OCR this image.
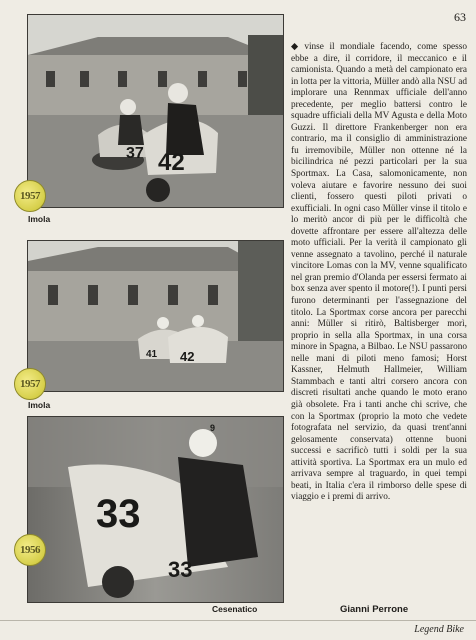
63
37 42
1957
Imola
41 42
1957
Imola
33
33
9
1956
Cesenatico
◆ vinse il mondiale facendo, come spesso ebbe a dire, il corridore, il meccanico e il camionista. Quando a metà del campionato era in lotta per la vittoria, Müller andò alla NSU ad implorare una Rennmax ufficiale dell'anno precedente, per meglio battersi contro le squadre ufficiali della MV Agusta e della Moto Guzzi. Il direttore Frankenberger non era contrario, ma il consiglio di amministrazione fu irremovibile, Müller non ottenne né la bicilindrica né pezzi particolari per la sua Sportmax. La Casa, salomonicamente, non voleva aiutare e favorire nessuno dei suoi clienti, fossero questi piloti privati o exufficiali. In ogni caso Müller vinse il titolo e lo meritò ancor di più per le difficoltà che dovette affrontare per essere all'altezza delle moto ufficiali. Per la verità il campionato gli venne assegnato a tavolino, perché il naturale vincitore Lomas con la MV, venne squalificato nel gran premio d'Olanda per essersi fermato ai box senza aver spento il motore(!). I punti persi furono determinanti per l'assegnazione del titolo. La Sportmax corse ancora per parecchi anni: Müller si ritirò, Baltisberger morì, proprio in sella alla Sportmax, in una corsa minore in Spagna, a Bilbao. Le NSU passarono nelle mani di piloti meno famosi; Horst Kassner, Helmuth Hallmeier, William Stammbach e tanti altri corsero ancora con discreti risultati anche quando le moto erano già obsolete. Fra i tanti anche chi scrive, che con la Sportmax (proprio la moto che vedete fotografata nel servizio, da quasi trent'anni gelosamente conservata) ottenne buoni successi e sacrificò tutti i soldi per la sua attività sportiva. La Sportmax era un mulo ed arrivava sempre al traguardo, in quei tempi beati, in Italia c'era il rimborso delle spese di viaggio e i premi di arrivo.
Gianni Perrone
Legend Bike
